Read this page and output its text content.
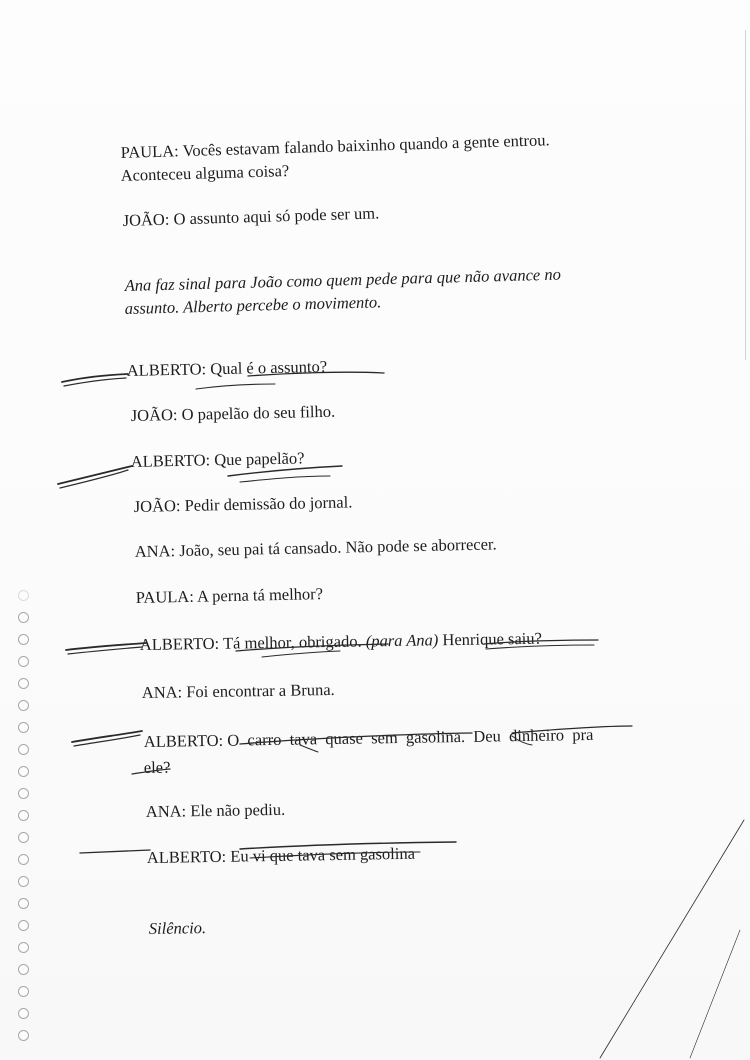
PAULA: Vocês estavam falando baixinho quando a gente entrou.

Aconteceu alguma coisa?

JOÃO: O assunto aqui só pode ser um.

Ana faz sinal para João como quem pede para que não avance no

assunto. Alberto percebe o movimento.

ALBERTO: Qual é o assunto?

JOÃO: O papelão do seu filho.

ALBERTO: Que papelão?

JOÃO: Pedir demissão do jornal.

ANA: João, seu pai tá cansado. Não pode se aborrecer.

PAULA: A perna tá melhor?

ALBERTO: Tá melhor, obrigado. (para Ana) Henrique saiu?

ANA: Foi encontrar a Bruna.

ALBERTO: O  carro  tava  quase  sem  gasolina.  Deu  dinheiro  pra

ele?

ANA: Ele não pediu.

ALBERTO: Eu vi que tava sem gasolina

Silêncio.
